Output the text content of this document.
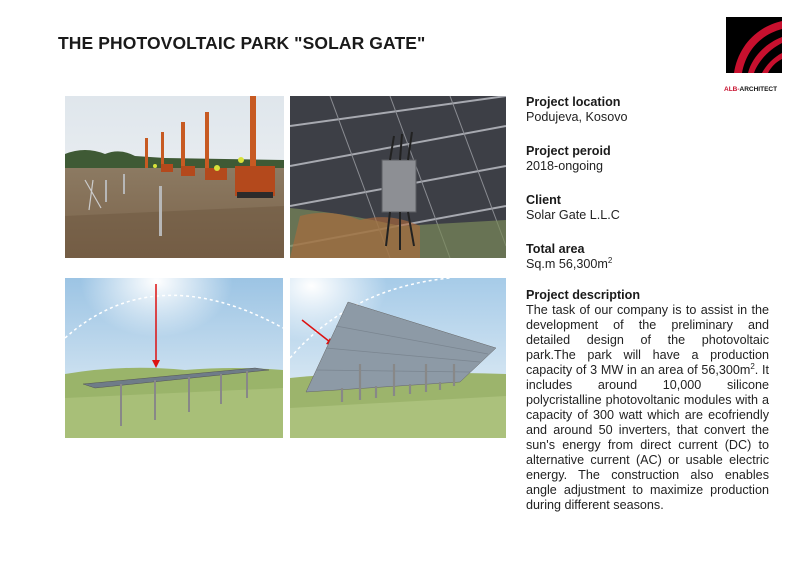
THE PHOTOVOLTAIC PARK "SOLAR GATE"
ALB-ARCHITECT
Project location
Podujeva, Kosovo
Project peroid
2018-ongoing
Client
Solar Gate L.L.C
Total area
Sq.m $56,300m^2$
Project description
The task of our company is to assist in the development of the preliminary and detailed design of the photovoltaic park.The park will have a production capacity of 3 MW in an area of $56,300m^2$. It includes around 10,000 silicone polycristalline photovoltanic modules with a capacity of 300 watt which are ecofriendly and around 50 inverters, that convert the sun's energy from direct current (DC) to alternative current (AC) or usable electric energy. The construction also enables angle adjustment to maximize production during different seasons.
